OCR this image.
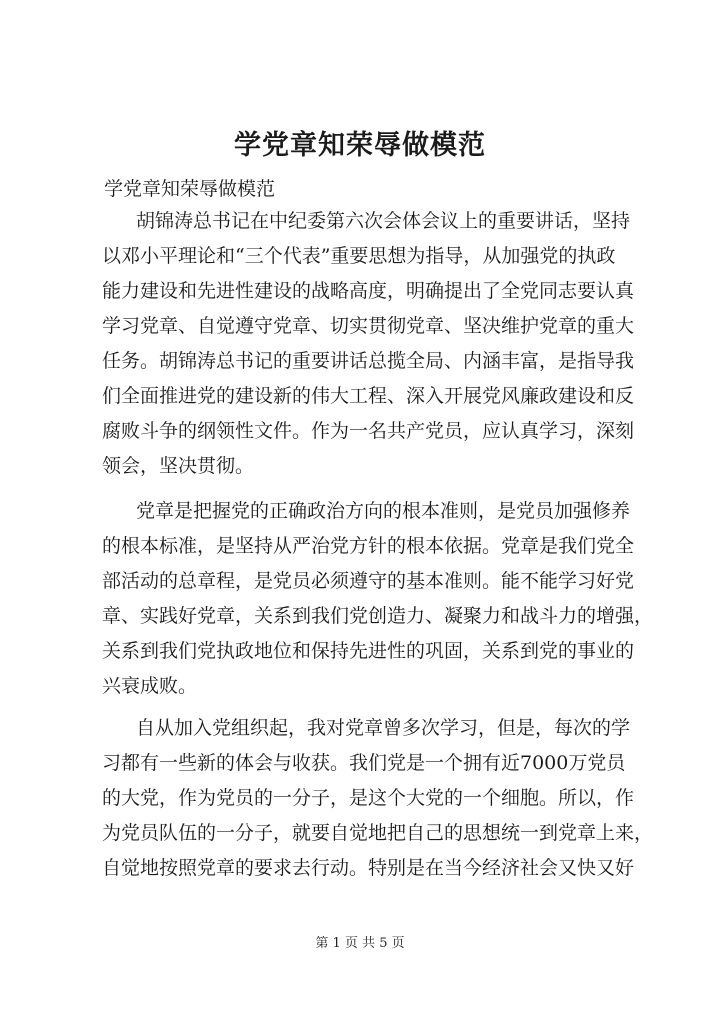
学党章知荣辱做模范
学党章知荣辱做模范
胡锦涛总书记在中纪委第六次会体会议上的重要讲话，坚持
以邓小平理论和“三个代表”重要思想为指导，从加强党的执政
能力建设和先进性建设的战略高度，明确提出了全党同志要认真
学习党章、自觉遵守党章、切实贯彻党章、坚决维护党章的重大
任务。胡锦涛总书记的重要讲话总揽全局、内涵丰富，是指导我
们全面推进党的建设新的伟大工程、深入开展党风廉政建设和反
腐败斗争的纲领性文件。作为一名共产党员，应认真学习，深刻
领会，坚决贯彻。
党章是把握党的正确政治方向的根本准则，是党员加强修养
的根本标准，是坚持从严治党方针的根本依据。党章是我们党全
部活动的总章程，是党员必须遵守的基本准则。能不能学习好党
章、实践好党章，关系到我们党创造力、凝聚力和战斗力的增强，
关系到我们党执政地位和保持先进性的巩固，关系到党的事业的
兴衰成败。
自从加入党组织起，我对党章曾多次学习，但是，每次的学
习都有一些新的体会与收获。我们党是一个拥有近7000万党员
的大党，作为党员的一分子，是这个大党的一个细胞。所以，作
为党员队伍的一分子，就要自觉地把自己的思想统一到党章上来，
自觉地按照党章的要求去行动。特别是在当今经济社会又快又好
第 1 页 共 5 页
